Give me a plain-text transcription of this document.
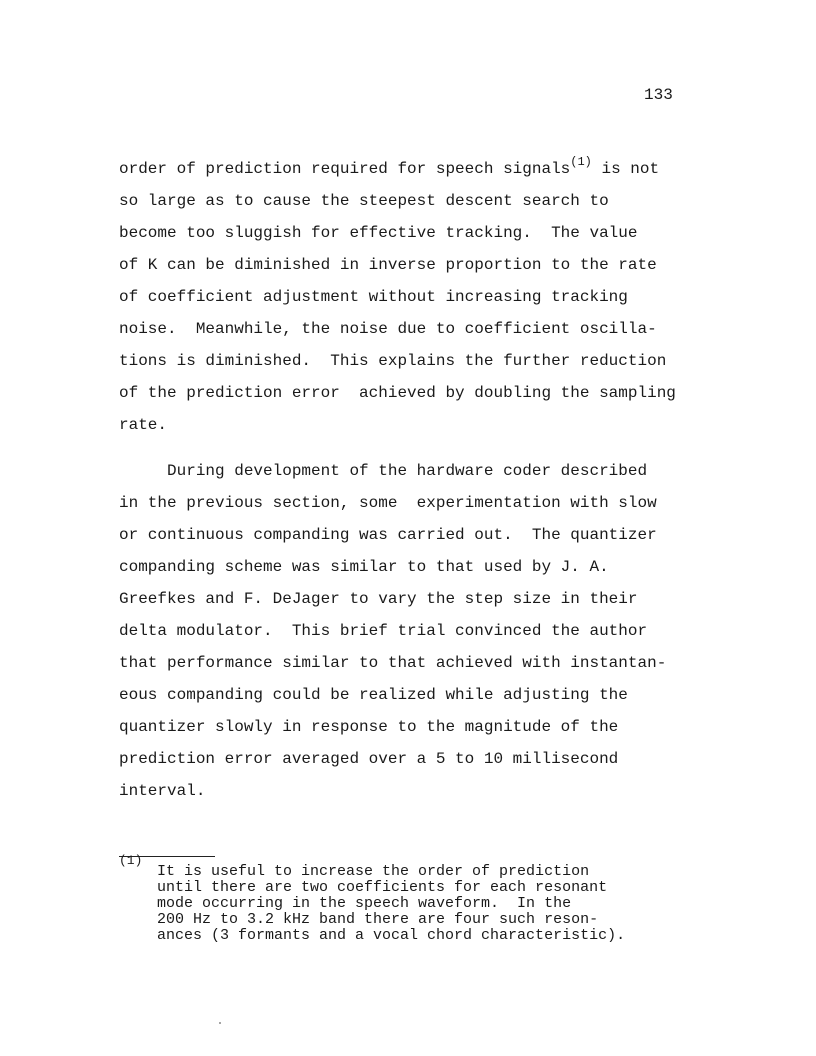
133
order of prediction required for speech signals$^{(1)}$ is not
so large as to cause the steepest descent search to
become too sluggish for effective tracking.  The value
of K can be diminished in inverse proportion to the rate
of coefficient adjustment without increasing tracking
noise.  Meanwhile, the noise due to coefficient oscilla-
tions is diminished.  This explains the further reduction
of the prediction error  achieved by doubling the sampling
rate.
During development of the hardware coder described
in the previous section, some  experimentation with slow
or continuous companding was carried out.  The quantizer
companding scheme was similar to that used by J. A.
Greefkes and F. DeJager to vary the step size in their
delta modulator.  This brief trial convinced the author
that performance similar to that achieved with instantan-
eous companding could be realized while adjusting the
quantizer slowly in response to the magnitude of the
prediction error averaged over a 5 to 10 millisecond
interval.
(1)
It is useful to increase the order of prediction
until there are two coefficients for each resonant
mode occurring in the speech waveform.  In the
200 Hz to 3.2 kHz band there are four such reson-
ances (3 formants and a vocal chord characteristic).
